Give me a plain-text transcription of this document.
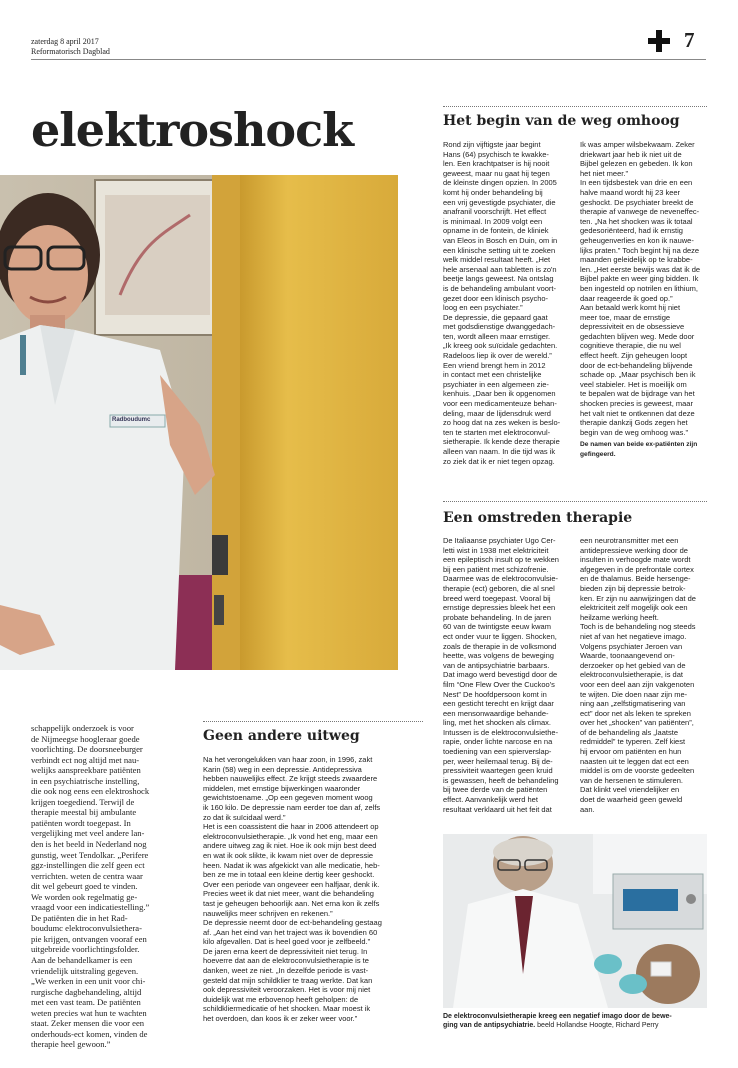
zaterdag 8 april 2017
Reformatorisch Dagblad	7
elektroshock
Radboudumc

schappelijk onderzoek is voor

de Nijmeegse hoogleraar goede

voorlichting. De doorsneeburger

verbindt ect nog altijd met nau-

welijks aanspreekbare patiënten

in een psychiatrische instelling,

die ook nog eens een elektroshock

krijgen toegediend. Terwijl de

therapie meestal bij ambulante

patiënten wordt toegepast. In

vergelijking met veel andere lan-

den is het beeld in Nederland nog

gunstig, weet Tendolkar. „Perifere

ggz-instellingen die zelf geen ect

verrichten. weten de centra waar

dit wel gebeurt goed te vinden.

We worden ook regelmatig ge-

vraagd voor een indicatiestelling.”

De patiënten die in het Rad-

boudumc elektroconvulsiethera-

pie krijgen, ontvangen vooraf een

uitgebreide voorlichtingsfolder.

Aan de behandelkamer is een

vriendelijk uitstraling gegeven.

„We werken in een unit voor chi-

rurgische dagbehandeling, altijd

met een vast team. De patiënten

weten precies wat hun te wachten

staat. Zeker mensen die voor een

onderhouds-ect komen, vinden de

therapie heel gewoon.”

Geen andere uitweg

Na het verongelukken van haar zoon, in 1996, zakt

Karin (58) weg in een depressie. Antidepressiva

hebben nauwelijks effect. Ze krijgt steeds zwaardere

middelen, met ernstige bijwerkingen waaronder

gewichtstoename. „Op een gegeven moment woog

ik 160 kilo. De depressie nam eerder toe dan af, zelfs

zo dat ik suïcidaal werd.”

Het is een coassistent die haar in 2006 attendeert op

elektroconvulsietherapie. „Ik vond het eng, maar een

andere uitweg zag ik niet. Hoe ik ook mijn best deed

en wat ik ook slikte, ik kwam niet over de depressie

heen. Nadat ik was afgekickt van alle medicatie, heb-

ben ze me in totaal een kleine dertig keer geshockt.

Over een periode van ongeveer een halfjaar, denk ik.

Precies weet ik dat niet meer, want die behandeling

tast je geheugen behoorlijk aan. Net erna kon ik zelfs

nauwelijks meer schrijven en rekenen.”

De depressie neemt door de ect-behandeling gestaag

af. „Aan het eind van het traject was ik bovendien 60

kilo afgevallen. Dat is heel goed voor je zelfbeeld.”

De jaren erna keert de depressiviteit niet terug. In

hoeverre dat aan de elektroconvulsietherapie is te

danken, weet ze niet. „In dezelfde periode is vast-

gesteld dat mijn schildklier te traag werkte. Dat kan

ook depressiviteit veroorzaken. Het is voor mij niet

duidelijk wat me erbovenop heeft geholpen: de

schildkliermedicatie of het shocken. Maar moest ik

het overdoen, dan koos ik er zeker weer voor.”

Het begin van de weg omhoog

Rond zijn vijftigste jaar begint

Hans (64) psychisch te kwakke-

len. Een krachtpatser is hij nooit

geweest, maar nu gaat hij tegen

de kleinste dingen opzien. In 2005

komt hij onder behandeling bij

een vrij gevestigde psychiater, die

anafranil voorschrijft. Het effect

is minimaal. In 2009 volgt een

opname in de fontein, de kliniek

van Eleos in Bosch en Duin, om in

een klinische setting uit te zoeken

welk middel resultaat heeft. „Het

hele arsenaal aan tabletten is zo'n

beetje langs geweest. Na ontslag

is de behandeling ambulant voort-

gezet door een klinisch psycho-

loog en een psychiater.”

De depressie, die gepaard gaat

met godsdienstige dwanggedach-

ten, wordt alleen maar ernstiger.

„Ik kreeg ook suïcidale gedachten.

Radeloos liep ik over de wereld.”

Een vriend brengt hem in 2012

in contact met een christelijke

psychiater in een algemeen zie-

kenhuis. „Daar ben ik opgenomen

voor een medicamenteuze behan-

deling, maar de lijdensdruk werd

zo hoog dat na zes weken is beslo-

ten te starten met elektroconvul-

sietherapie. Ik kende deze therapie

alleen van naam. In die tijd was ik

zo ziek dat ik er niet tegen opzag.

Ik was amper wilsbekwaam. Zeker

driekwart jaar heb ik niet uit de

Bijbel gelezen en gebeden. Ik kon

het niet meer.”

In een tijdsbestek van drie en een

halve maand wordt hij 23 keer

geshockt. De psychiater breekt de

therapie af vanwege de neveneffec-

ten. „Na het shocken was ik totaal

gedesoriënteerd, had ik ernstig

geheugenverlies en kon ik nauwe-

lijks praten.” Toch begint hij na deze

maanden geleidelijk op te krabbe-

len. „Het eerste bewijs was dat ik de

Bijbel pakte en weer ging bidden. Ik

ben ingesteld op notrilen en lithium,

daar reageerde ik goed op.”

Aan betaald werk komt hij niet

meer toe, maar de ernstige

depressiviteit en de obsessieve

gedachten blijven weg. Mede door

cognitieve therapie, die nu wel

effect heeft. Zijn geheugen loopt

door de ect-behandeling blijvende

schade op. „Maar psychisch ben ik

veel stabieler. Het is moeilijk om

te bepalen wat de bijdrage van het

shocken precies is geweest, maar

het valt niet te ontkennen dat deze

therapie dankzij Gods zegen het

begin van de weg omhoog was.”

De namen van beide ex-patiënten zijn

gefingeerd.

Een omstreden therapie

De Italiaanse psychiater Ugo Cer-

letti wist in 1938 met elektriciteit

een epileptisch insult op te wekken

bij een patiënt met schizofrenie.

Daarmee was de elektroconvulsie-

therapie (ect) geboren, die al snel

breed werd toegepast. Vooral bij

ernstige depressies bleek het een

probate behandeling. In de jaren

60 van de twintigste eeuw kwam

ect onder vuur te liggen. Shocken,

zoals de therapie in de volksmond

heette, was volgens de beweging

van de antipsychiatrie barbaars.

Dat imago werd bevestigd door de

film “One Flew Over the Cuckoo's

Nest” De hoofdpersoon komt in

een gesticht terecht en krijgt daar

een mensonwaardige behande-

ling, met het shocken als climax.

Intussen is de elektroconvulsiethe-

rapie, onder lichte narcose en na

toediening van een spierverslap-

per, weer heilemaal terug. Bij de-

pressiviteit waartegen geen kruid

is gewassen, heeft de behandeling

bij twee derde van de patiënten

effect. Aanvankelijk werd het

resultaat verklaard uit het feit dat

een neurotransmitter met een

antidepressieve werking door de

insulten in verhoogde mate wordt

afgegeven in de prefrontale cortex

en de thalamus. Beide hersenge-

bieden zijn bij depressie betrok-

ken. Er zijn nu aanwijzingen dat de

elektriciteit zelf mogelijk ook een

heilzame werking heeft.

Toch is de behandeling nog steeds

niet af van het negatieve imago.

Volgens psychiater Jeroen van

Waarde, toonaangevend on-

derzoeker op het gebied van de

elektroconvulsietherapie, is dat

voor een deel aan zijn vakgenoten

te wijten. Die doen naar zijn me-

ning aan „zelfstigmatisering van

ect” door net als leken te spreken

over het „shocken” van patiënten”,

of de behandeling als „laatste

redmiddel” te typeren. Zelf kiest

hij ervoor om patiënten en hun

naasten uit te leggen dat ect een

middel is om de voorste gedeelten

van de hersenen te stimuleren.

Dat klinkt veel vriendelijker en

doet de waarheid geen geweld

aan.

De elektroconvulsietherapie kreeg een negatief imago door de bewe-
ging van de antipsychiatrie. beeld Hollandse Hoogte, Richard Perry
